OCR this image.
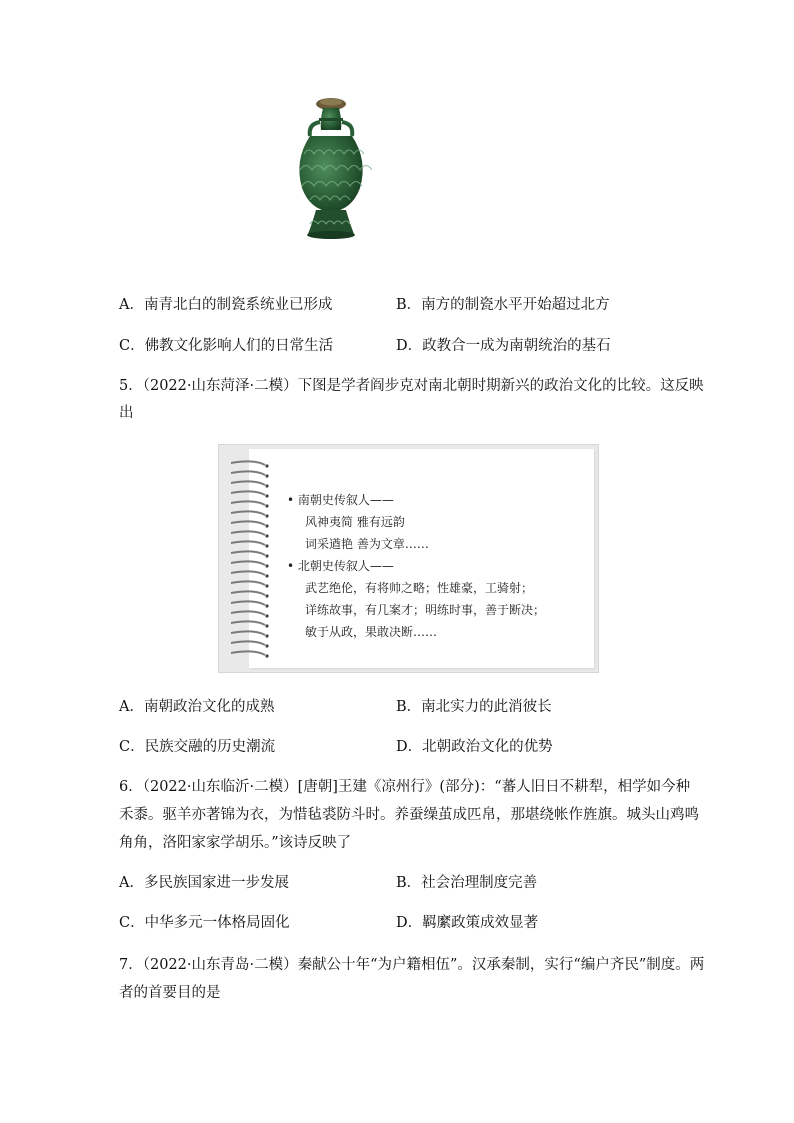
A．南青北白的制瓷系统业已形成	B．南方的制瓷水平开始超过北方
C．佛教文化影响人们的日常生活	D．政教合一成为南朝统治的基石
5．（2022·山东菏泽·二模）下图是学者阎步克对南北朝时期新兴的政治文化的比较。这反映
出
• 南朝史传叙人——
风神夷简 雅有远韵
词采遒艳 善为文章……
• 北朝史传叙人——
武艺绝伦，有将帅之略；性雄豪，工骑射；
详练故事，有几案才；明练时事，善于断决；
敏于从政，果敢决断……
A．南朝政治文化的成熟	B．南北实力的此消彼长
C．民族交融的历史潮流	D．北朝政治文化的优势
6．（2022·山东临沂·二模）[唐朝]王建《凉州行》(部分)：“蕃人旧日不耕犁，相学如今种
禾黍。驱羊亦著锦为衣，为惜毡裘防斗时。养蚕缲茧成匹帛，那堪绕帐作旌旗。城头山鸡鸣
角角，洛阳家家学胡乐。”该诗反映了
A．多民族国家进一步发展	B．社会治理制度完善
C．中华多元一体格局固化	D．羁縻政策成效显著
7．（2022·山东青岛·二模）秦献公十年“为户籍相伍”。汉承秦制，实行“编户齐民”制度。两
者的首要目的是
